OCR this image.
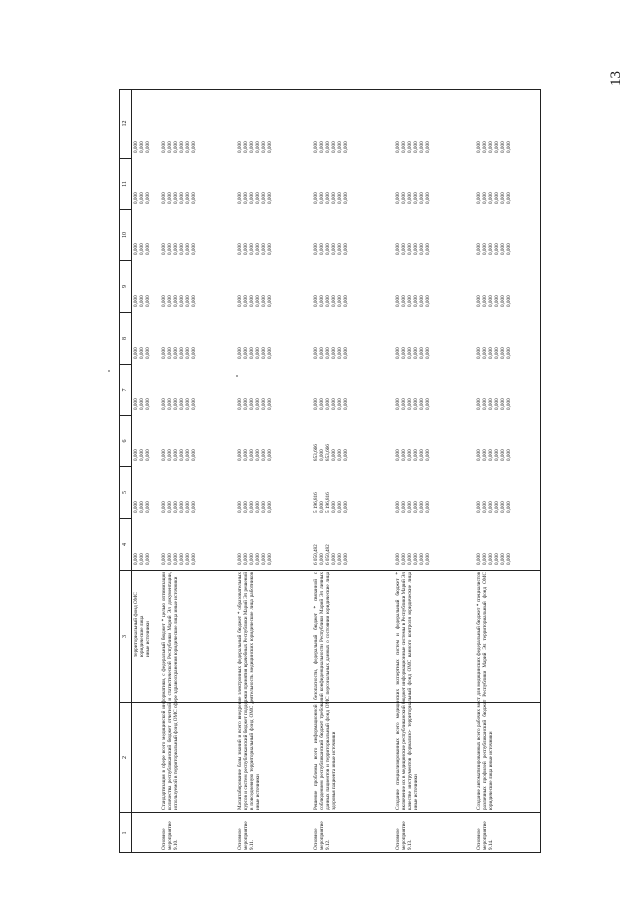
13
1
2
3
4
5
6
7
8
9
10
11
12
территориальный фонд ОМС юридические лица иные источники
0,000 0,000 0,000
0,000 0,000 0,000
0,000 0,000 0,000
0,000 0,000 0,000
0,000 0,000 0,000
0,000 0,000 0,000
0,000 0,000 0,000
0,000 0,000 0,000
0,000 0,000 0,000
Основное мероприятие 9.10.
Стандартизация в сфере всего медицинской информатики, с федеральный бюджет * целью оптимизации количества республиканский бюджет отчетной и статистической Республики Марий Эл документации, используемой в территориальный фонд ОМС сфере здравоохранения юридические лица иные источники
0,000 0,000 0,000 0,000 0,000 0,000
0,000 0,000 0,000 0,000 0,000 0,000
0,000 0,000 0,000 0,000 0,000 0,000
0,000 0,000 0,000 0,000 0,000 0,000
0,000 0,000 0,000 0,000 0,000 0,000
0,000 0,000 0,000 0,000 0,000 0,000
0,000 0,000 0,000 0,000 0,000 0,000
0,000 0,000 0,000 0,000 0,000 0,000
0,000 0,000 0,000 0,000 0,000 0,000
Основное мероприятие 9.11.
Масштабирование базы знаний и всего внедрение электронных федеральный бюджет * образовательных курсов и систем республиканский бюджет поддержки принятия врачебных Республики Марий Эл решений в повседневную территориальный фонд ОМС деятельность медицинских юридические лица работников иные источники
0,000 0,000 0,000 0,000 0,000 0,000
0,000 0,000 0,000 0,000 0,000 0,000
0,000 0,000 0,000 0,000 0,000 0,000
0,000 0,000 0,000 0,000 0,000 0,000
0,000 0,000 0,000 0,000 0,000 0,000
0,000 0,000 0,000 0,000 0,000 0,000
0,000 0,000 0,000 0,000 0,000 0,000
0,000 0,000 0,000 0,000 0,000 0,000
0,000 0,000 0,000 0,000 0,000 0,000
Основное мероприятие 9.12.
Решение проблемы всего информационной безопасности, федеральный бюджет * связанной с соблюдением республиканский бюджет требований конфиденциальности Республики Марий Эл личных данных пациентов и территориальный фонд ОМС персональных данных о состоянии юридические лица здоровья пациента иные источники
6 050,482 0,000 6 050,482 0,000 0,000 0,000
5 196,816 0,000 5 196,816 0,000 0,000 0,000
853,666 0,000 853,666 0,000 0,000 0,000
0,000 0,000 0,000 0,000 0,000 0,000
0,000 0,000 0,000 0,000 0,000 0,000
0,000 0,000 0,000 0,000 0,000 0,000
0,000 0,000 0,000 0,000 0,000 0,000
0,000 0,000 0,000 0,000 0,000 0,000
0,000 0,000 0,000 0,000 0,000 0,000
Основное мероприятие 9.13.
Создание специализированных всего медицинских экспертных систем и федеральный бюджет * включение их в медицинские республиканский бюджет информационные системы в Республики Марий Эл качестве инструментов формализо- территориальный фонд ОМС ванного контроля юридические лица иные источники
0,000 0,000 0,000 0,000 0,000 0,000
0,000 0,000 0,000 0,000 0,000 0,000
0,000 0,000 0,000 0,000 0,000 0,000
0,000 0,000 0,000 0,000 0,000 0,000
0,000 0,000 0,000 0,000 0,000 0,000
0,000 0,000 0,000 0,000 0,000 0,000
0,000 0,000 0,000 0,000 0,000 0,000
0,000 0,000 0,000 0,000 0,000 0,000
0,000 0,000 0,000 0,000 0,000 0,000
Основное мероприятие 9.14.
Создание автоматизированных всего рабочих мест для медицинских федеральный бюджет * специалистов различных профилей республиканский бюджет Республики Марий Эл территориальный фонд ОМС юридические лица иные источники
0,000 0,000 0,000 0,000 0,000 0,000
0,000 0,000 0,000 0,000 0,000 0,000
0,000 0,000 0,000 0,000 0,000 0,000
0,000 0,000 0,000 0,000 0,000 0,000
0,000 0,000 0,000 0,000 0,000 0,000
0,000 0,000 0,000 0,000 0,000 0,000
0,000 0,000 0,000 0,000 0,000 0,000
0,000 0,000 0,000 0,000 0,000 0,000
0,000 0,000 0,000 0,000 0,000 0,000
